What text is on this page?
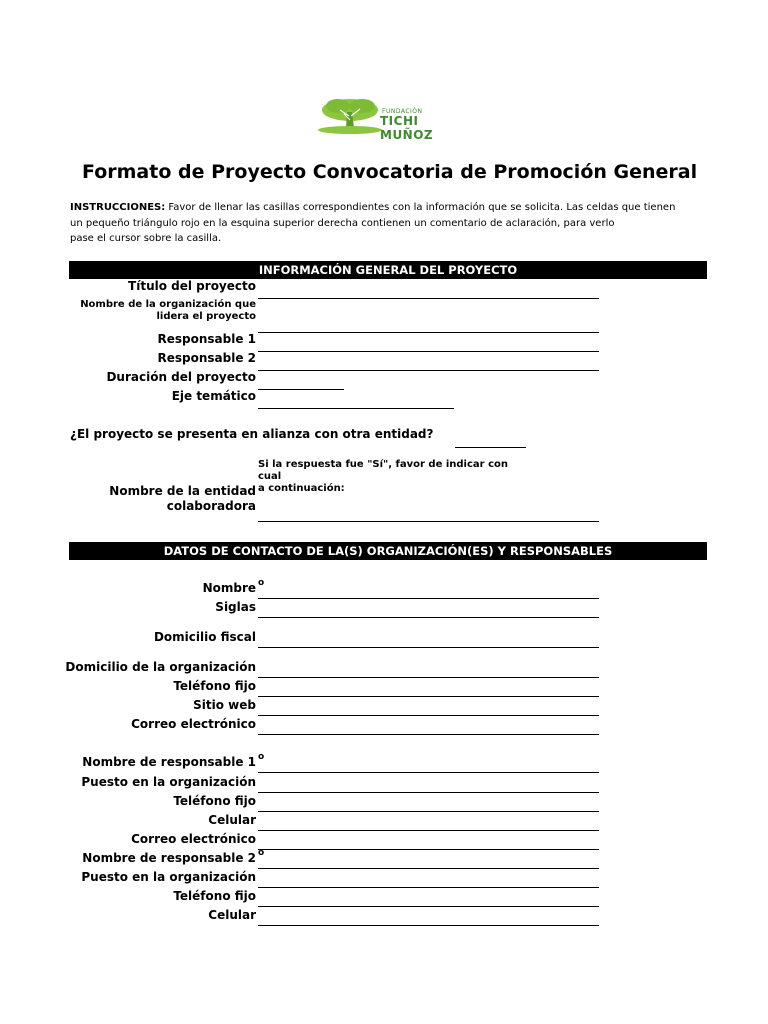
FUNDACIÓN
TICHI MUÑOZ
Formato de Proyecto Convocatoria de Promoción General
INSTRUCCIONES: Favor de llenar las casillas correspondientes con la información que se solicita. Las celdas que tienen
un pequeño triángulo rojo en la esquina superior derecha contienen un comentario de aclaración, para verlo
pase el cursor sobre la casilla.
INFORMACIÓN GENERAL DEL PROYECTO
Título del proyecto
Nombre de la organización que
lidera el proyecto
Responsable 1
Responsable 2
Duración del proyecto
Eje temático
¿El proyecto se presenta en alianza con otra entidad?
Si la respuesta fue "Sí", favor de indicar con cual
a continuación:
Nombre de la entidad
colaboradora
DATOS DE CONTACTO DE LA(S) ORGANIZACIÓN(ES) Y RESPONSABLES
Nombre o
Siglas
Domicilio fiscal
Domicilio de la organización
Teléfono fijo
Sitio web
Correo electrónico
Nombre de responsable 1 o
Puesto en la organización
Teléfono fijo
Celular
Correo electrónico
Nombre de responsable 2 o
Puesto en la organización
Teléfono fijo
Celular
